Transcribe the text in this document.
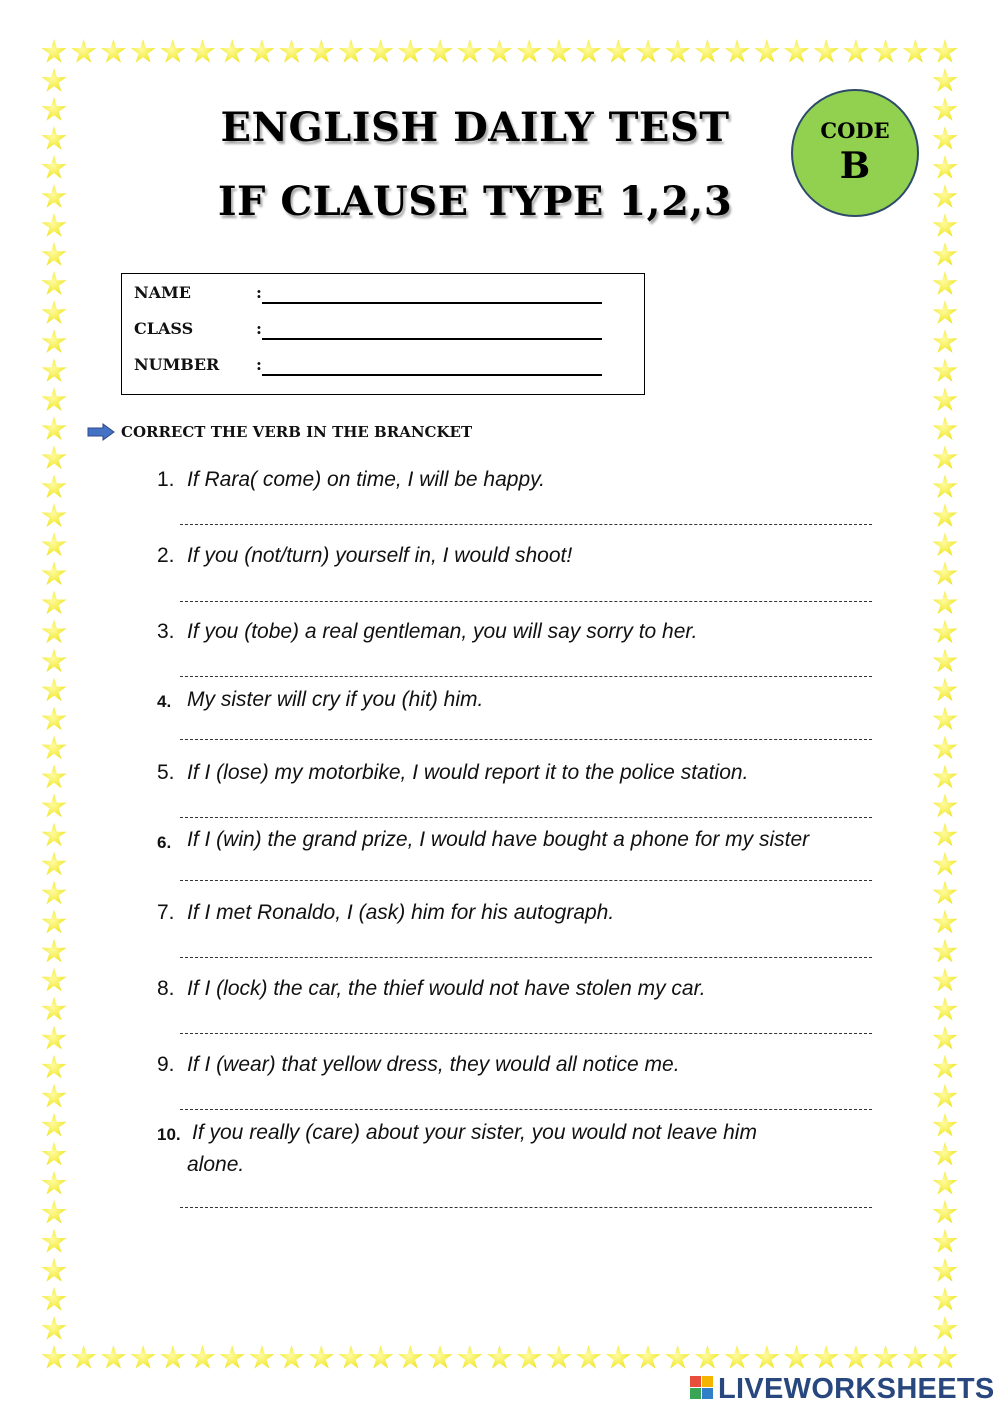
ENGLISH DAILY TEST
IF CLAUSE TYPE 1,2,3
CODE
B
NAME	:
CLASS	:
NUMBER :
CORRECT THE VERB IN THE BRANCKET
1. If Rara( come) on time, I will be happy.
2. If you (not/turn) yourself in, I would shoot!
3. If you (tobe) a real gentleman, you will say sorry to her.
4. My sister will cry if you (hit) him.
5. If I (lose) my motorbike, I would report it to the police station.
6. If I (win) the grand prize, I would have bought a phone for my sister
7. If I met Ronaldo, I (ask) him for his autograph.
8. If I (lock) the car, the thief would not have stolen my car.
9. If I (wear) that yellow dress, they would all notice me.
10. If you really (care) about your sister, you would not leave him
alone.
LIVEWORKSHEETS
